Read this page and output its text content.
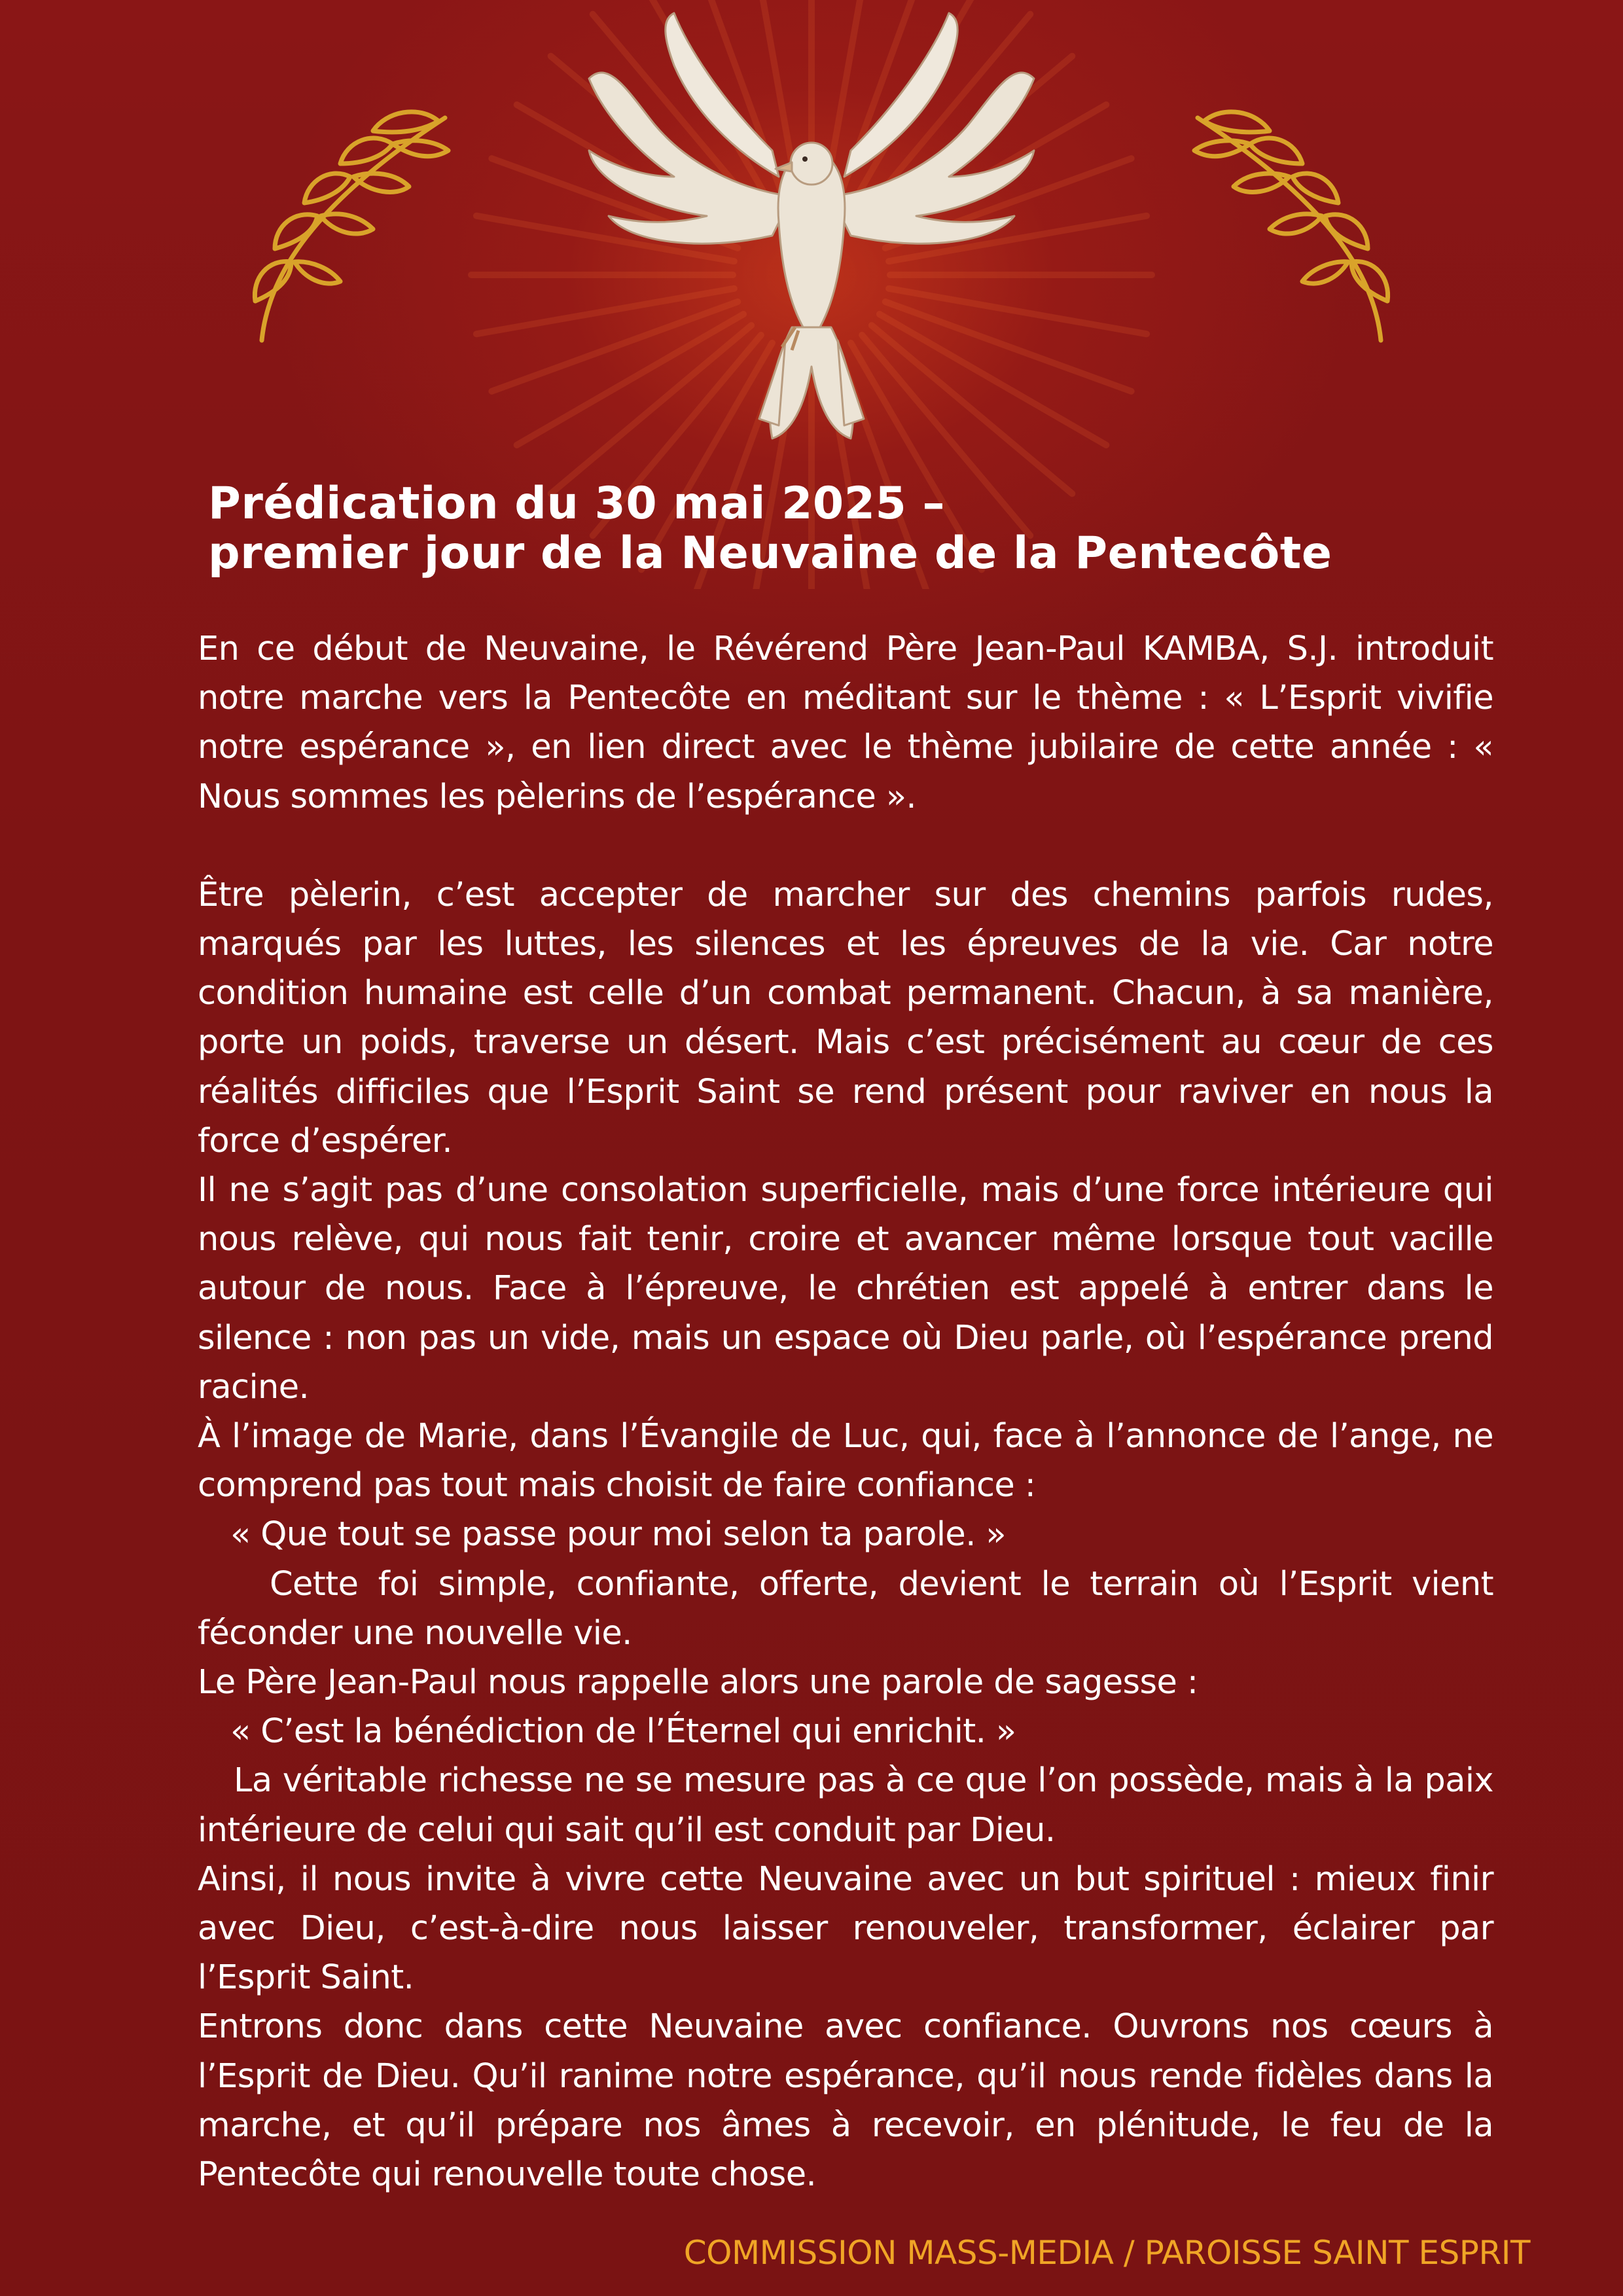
Prédication du 30 mai 2025 –
premier jour de la Neuvaine de la Pentecôte

En ce début de Neuvaine, le Révérend Père Jean-Paul KAMBA, S.J. introduit notre marche vers la Pentecôte en méditant sur le thème : « L’Esprit vivifie notre espérance », en lien direct avec le thème jubilaire de cette année : « Nous sommes les pèlerins de l’espérance ».

Être pèlerin, c’est accepter de marcher sur des chemins parfois rudes, marqués par les luttes, les silences et les épreuves de la vie. Car notre condition humaine est celle d’un combat permanent. Chacun, à sa manière, porte un poids, traverse un désert. Mais c’est précisément au cœur de ces réalités difficiles que l’Esprit Saint se rend présent pour raviver en nous la force d’espérer.

Il ne s’agit pas d’une consolation superficielle, mais d’une force intérieure qui nous relève, qui nous fait tenir, croire et avancer même lorsque tout vacille autour de nous. Face à l’épreuve, le chrétien est appelé à entrer dans le silence : non pas un vide, mais un espace où Dieu parle, où l’espérance prend racine.

À l’image de Marie, dans l’Évangile de Luc, qui, face à l’annonce de l’ange, ne comprend pas tout mais choisit de faire confiance :

« Que tout se passe pour moi selon ta parole. »

Cette foi simple, confiante, offerte, devient le terrain où l’Esprit vient féconder une nouvelle vie.

Le Père Jean-Paul nous rappelle alors une parole de sagesse :

« C’est la bénédiction de l’Éternel qui enrichit. »

La véritable richesse ne se mesure pas à ce que l’on possède, mais à la paix intérieure de celui qui sait qu’il est conduit par Dieu.

Ainsi, il nous invite à vivre cette Neuvaine avec un but spirituel : mieux finir avec Dieu, c’est-à-dire nous laisser renouveler, transformer, éclairer par l’Esprit Saint.

Entrons donc dans cette Neuvaine avec confiance. Ouvrons nos cœurs à l’Esprit de Dieu. Qu’il ranime notre espérance, qu’il nous rende fidèles dans la marche, et qu’il prépare nos âmes à recevoir, en plénitude, le feu de la Pentecôte qui renouvelle toute chose.

COMMISSION MASS-MEDIA / PAROISSE SAINT ESPRIT
